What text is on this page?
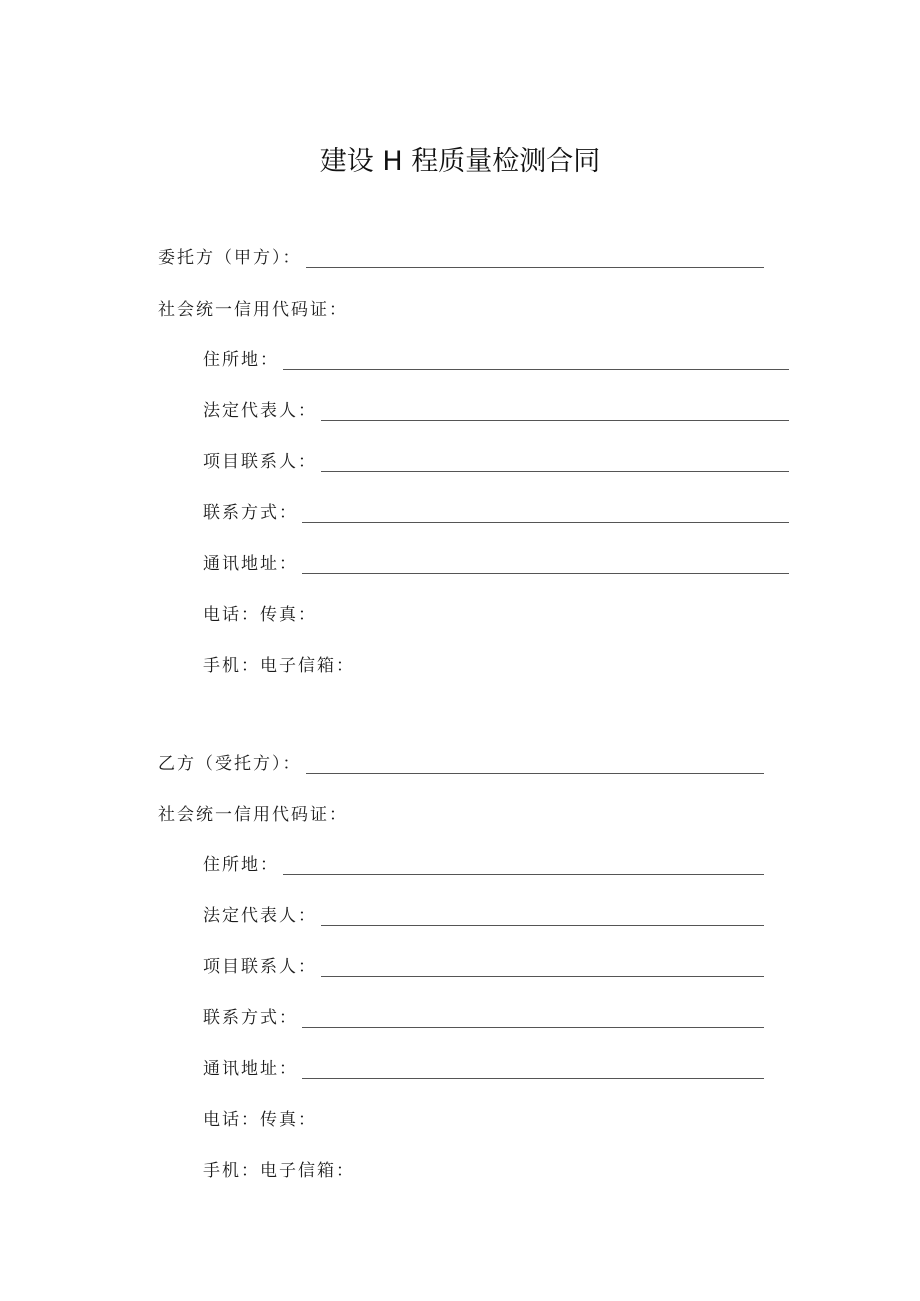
建设 H 程质量检测合同
委托方（甲方）：
社会统一信用代码证：
住所地：
法定代表人：
项目联系人：
联系方式：
通讯地址：
电话：传真：
手机：电子信箱：
乙方（受托方）：
社会统一信用代码证：
住所地：
法定代表人：
项目联系人：
联系方式：
通讯地址：
电话：传真：
手机：电子信箱：
